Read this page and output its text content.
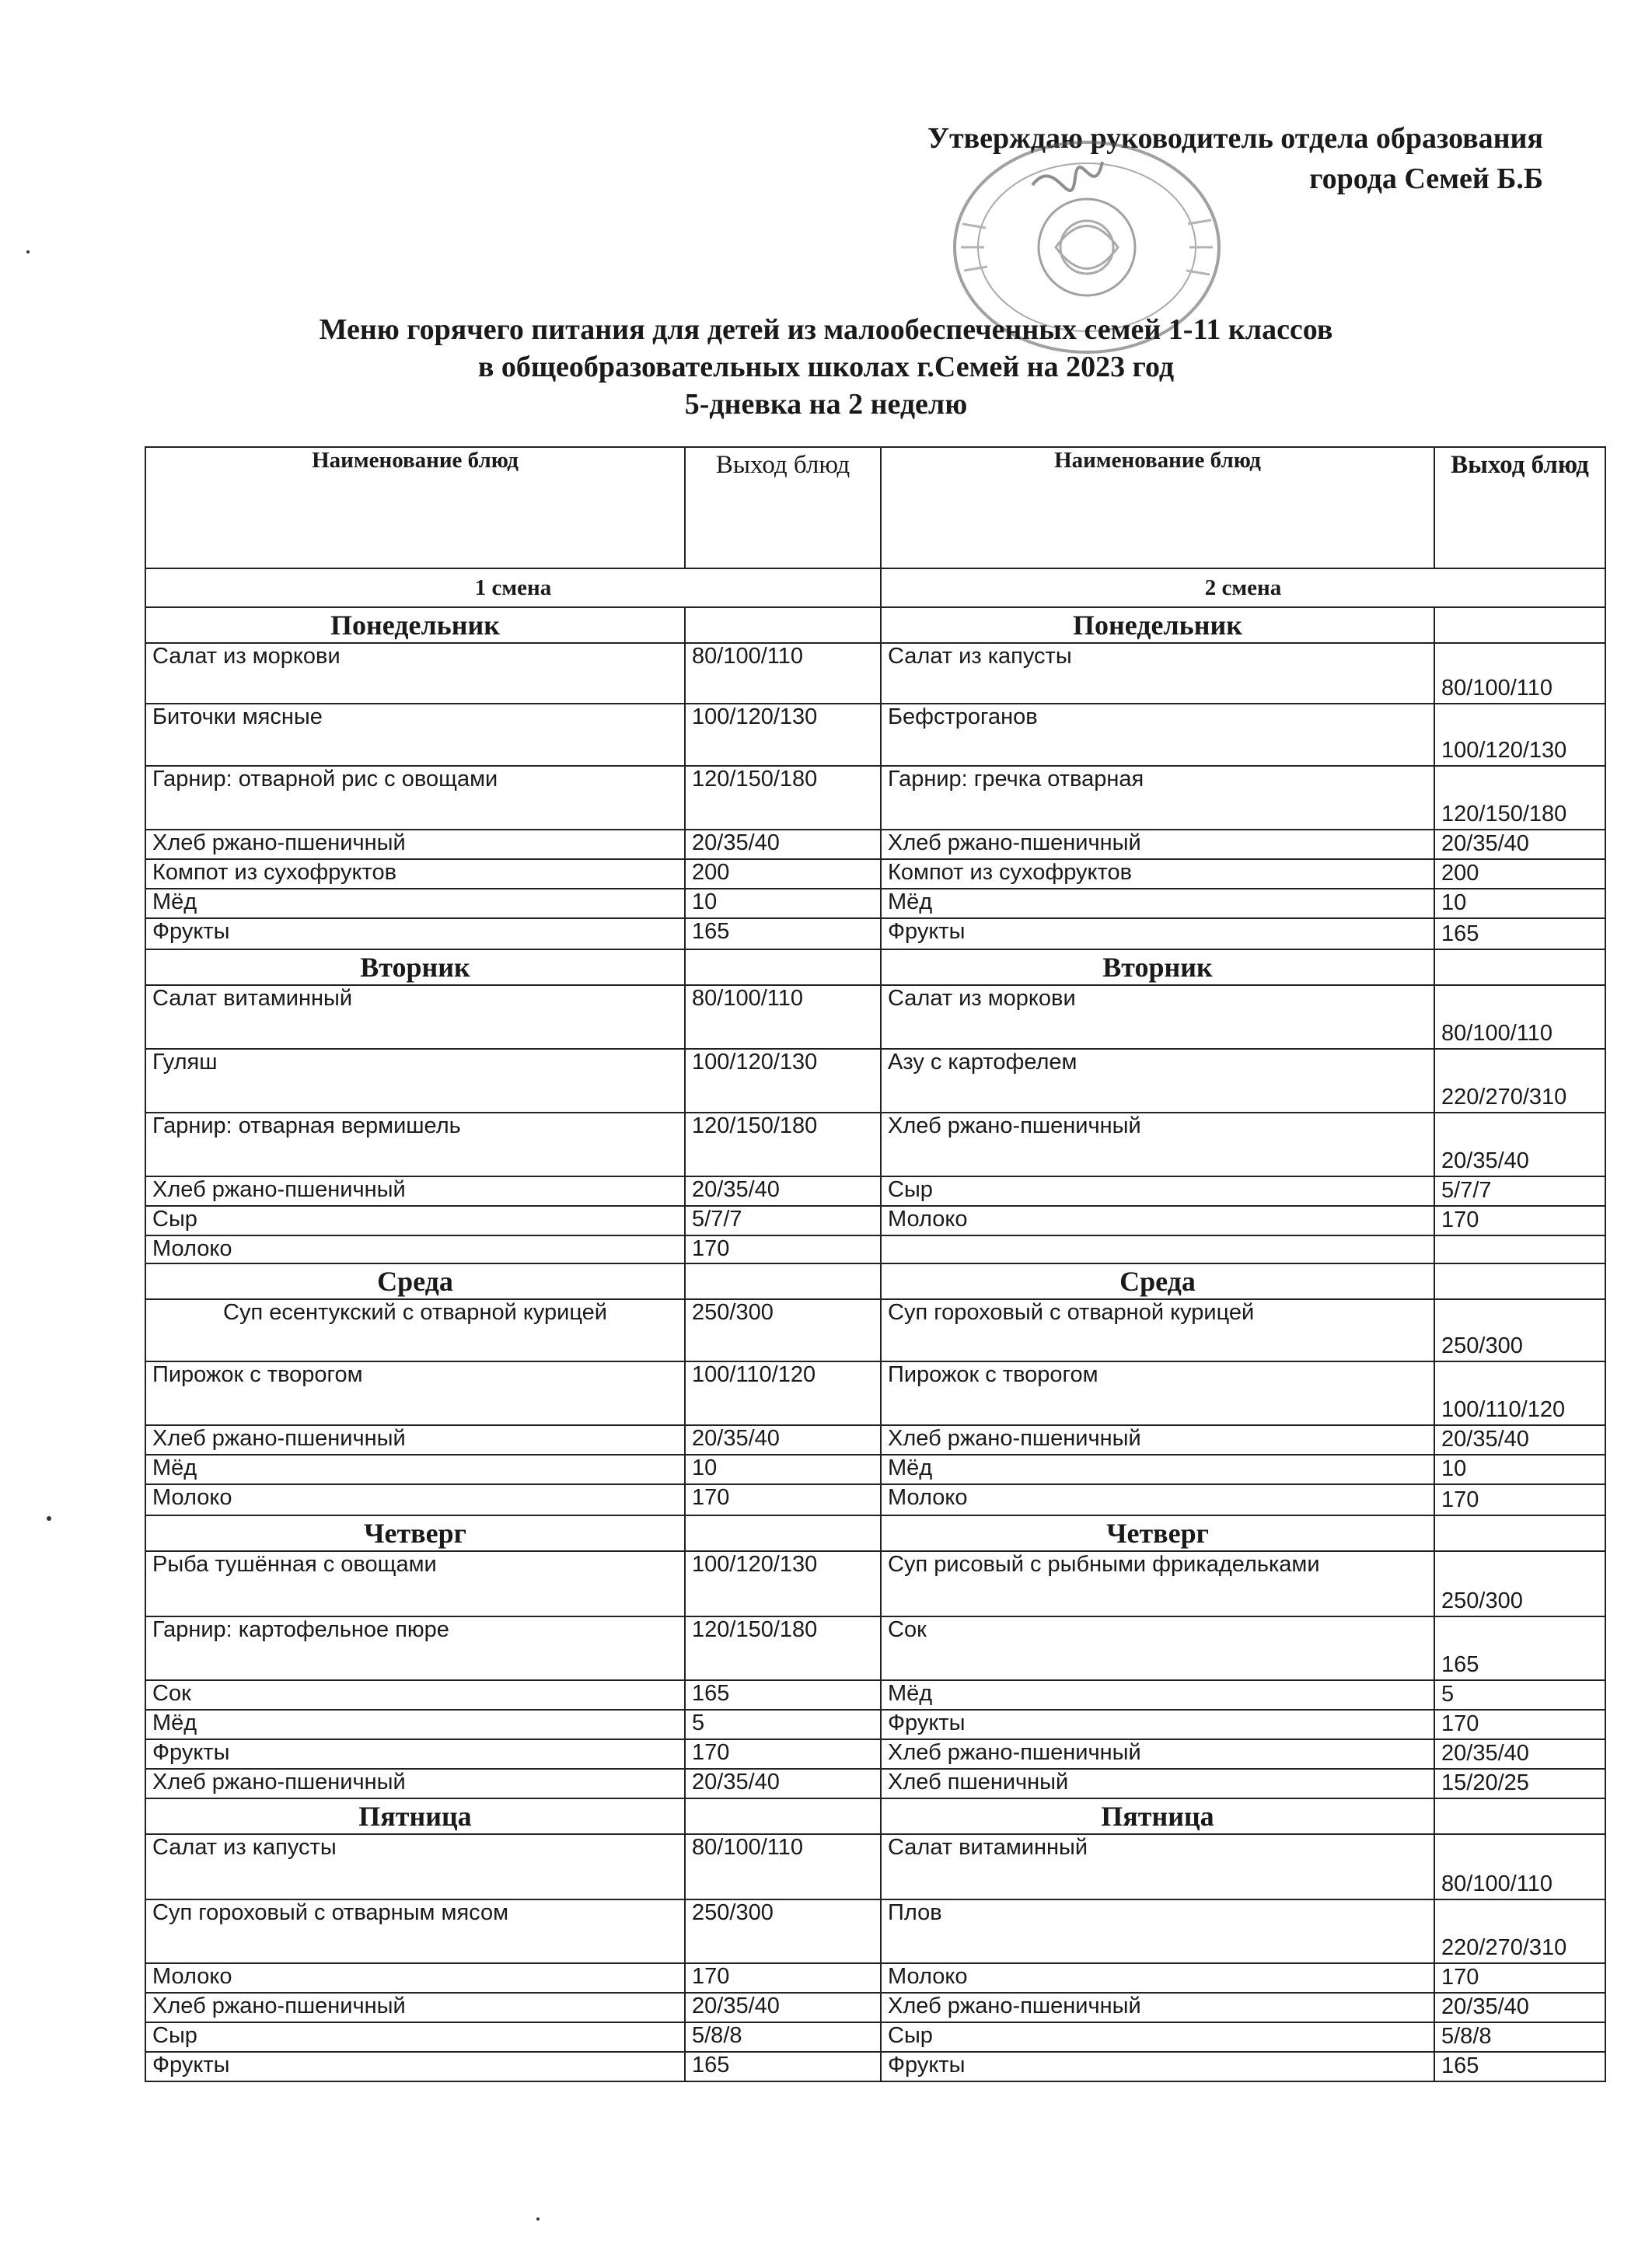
Утверждаю руководитель отдела образования
города Семей Б.Б
Меню горячего питания для детей из малообеспеченных семей 1-11 классов
в общеобразовательных школах г.Семей на 2023 год
5-дневка на 2 неделю
Наименование блюд	Выход блюд	Наименование блюд	Выход блюд
1 смена		2 смена	
Понедельник		Понедельник	
Салат из моркови	80/100/110	Салат из капусты	80/100/110
Биточки мясные	100/120/130	Бефстроганов	100/120/130
Гарнир: отварной рис с овощами	120/150/180	Гарнир: гречка отварная	120/150/180
Хлеб ржано-пшеничный	20/35/40	Хлеб ржано-пшеничный	20/35/40
Компот из сухофруктов	200	Компот из сухофруктов	200
Мёд	10	Мёд	10
Фрукты	165	Фрукты	165
Вторник		Вторник	
Салат витаминный	80/100/110	Салат из моркови	80/100/110
Гуляш	100/120/130	Азу с картофелем	220/270/310
Гарнир: отварная вермишель	120/150/180	Хлеб ржано-пшеничный	20/35/40
Хлеб ржано-пшеничный	20/35/40	Сыр	5/7/7
Сыр	5/7/7	Молоко	170
Молоко	170		
Среда		Среда	
Суп есентукский с отварной курицей	250/300	Суп гороховый с отварной курицей	250/300
Пирожок с творогом	100/110/120	Пирожок с творогом	100/110/120
Хлеб ржано-пшеничный	20/35/40	Хлеб ржано-пшеничный	20/35/40
Мёд	10	Мёд	10
Молоко	170	Молоко	170
Четверг		Четверг	
Рыба тушённая с овощами	100/120/130	Суп рисовый с рыбными фрикадельками	250/300
Гарнир: картофельное пюре	120/150/180	Сок	165
Сок	165	Мёд	5
Мёд	5	Фрукты	170
Фрукты	170	Хлеб ржано-пшеничный	20/35/40
Хлеб ржано-пшеничный	20/35/40	Хлеб пшеничный	15/20/25
Пятница		Пятница	
Салат из капусты	80/100/110	Салат витаминный	80/100/110
Суп гороховый с отварным мясом	250/300	Плов	220/270/310
Молоко	170	Молоко	170
Хлеб ржано-пшеничный	20/35/40	Хлеб ржано-пшеничный	20/35/40
Сыр	5/8/8	Сыр	5/8/8
Фрукты	165	Фрукты	165
